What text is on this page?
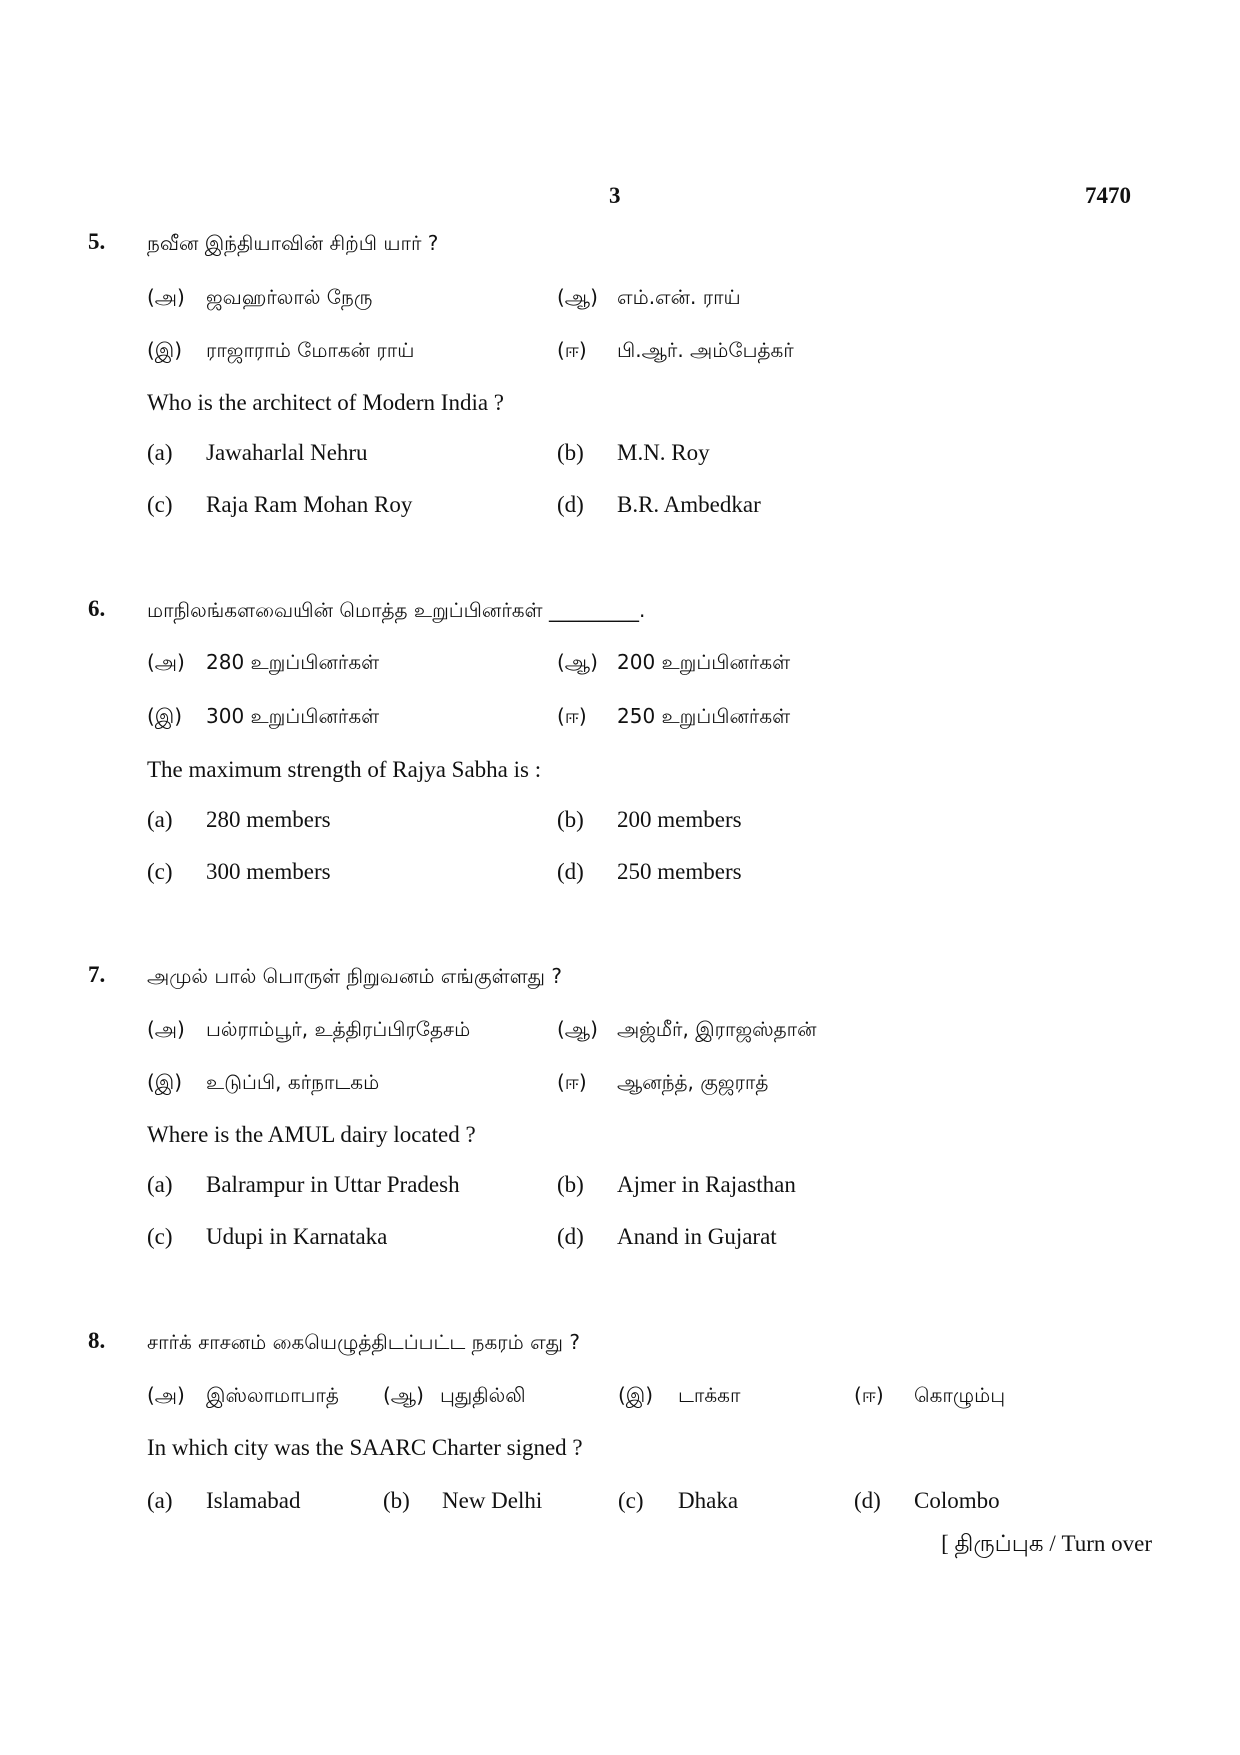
3	7470
5. நவீன இந்தியாவின் சிற்பி யார் ?
(அ) ஜவஹர்லால் நேரு	(ஆ) எம்.என். ராய்
(இ) ராஜாராம் மோகன் ராய்	(ஈ) பி.ஆர். அம்பேத்கர்
Who is the architect of Modern India ?
(a) Jawaharlal Nehru	(b) M.N. Roy
(c) Raja Ram Mohan Roy	(d) B.R. Ambedkar
6. மாநிலங்களவையின் மொத்த உறுப்பினர்கள் _________.
(அ) 280 உறுப்பினர்கள்	(ஆ) 200 உறுப்பினர்கள்
(இ) 300 உறுப்பினர்கள்	(ஈ) 250 உறுப்பினர்கள்
The maximum strength of Rajya Sabha is :
(a) 280 members	(b) 200 members
(c) 300 members	(d) 250 members
7. அமுல் பால் பொருள் நிறுவனம் எங்குள்ளது ?
(அ) பல்ராம்பூர், உத்திரப்பிரதேசம்	(ஆ) அஜ்மீர், இராஜஸ்தான்
(இ) உடுப்பி, கர்நாடகம்	(ஈ) ஆனந்த், குஜராத்
Where is the AMUL dairy located ?
(a) Balrampur in Uttar Pradesh	(b) Ajmer in Rajasthan
(c) Udupi in Karnataka	(d) Anand in Gujarat
8. சார்க் சாசனம் கையெழுத்திடப்பட்ட நகரம் எது ?
(அ) இஸ்லாமாபாத் (ஆ) புதுதில்லி	(இ) டாக்கா	(ஈ) கொழும்பு
In which city was the SAARC Charter signed ?
(a) Islamabad	(b) New Delhi	(c) Dhaka	(d) Colombo
[ திருப்புக / Turn over
